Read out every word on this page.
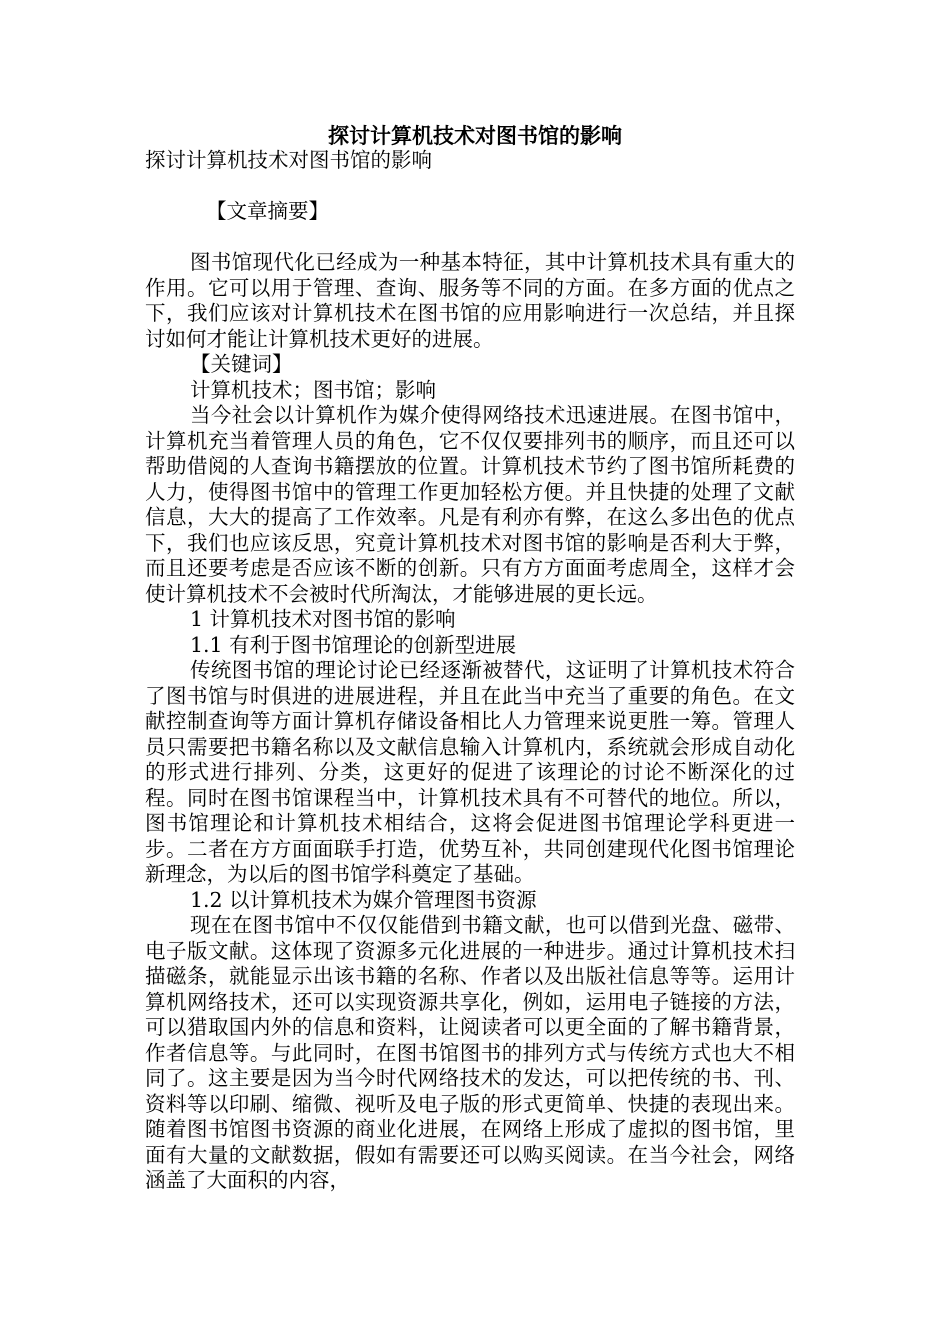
探讨计算机技术对图书馆的影响

探讨计算机技术对图书馆的影响

【文章摘要】

图书馆现代化已经成为一种基本特征，其中计算机技术具有重大的作用。它可以用于管理、查询、服务等不同的方面。在多方面的优点之下，我们应该对计算机技术在图书馆的应用影响进行一次总结，并且探讨如何才能让计算机技术更好的进展。

【关键词】

计算机技术；图书馆；影响

当今社会以计算机作为媒介使得网络技术迅速进展。在图书馆中，计算机充当着管理人员的角色，它不仅仅要排列书的顺序，而且还可以帮助借阅的人查询书籍摆放的位置。计算机技术节约了图书馆所耗费的人力，使得图书馆中的管理工作更加轻松方便。并且快捷的处理了文献信息，大大的提高了工作效率。凡是有利亦有弊，在这么多出色的优点下，我们也应该反思，究竟计算机技术对图书馆的影响是否利大于弊，而且还要考虑是否应该不断的创新。只有方方面面考虑周全，这样才会使计算机技术不会被时代所淘汰，才能够进展的更长远。

1 计算机技术对图书馆的影响

1.1 有利于图书馆理论的创新型进展

传统图书馆的理论讨论已经逐渐被替代，这证明了计算机技术符合了图书馆与时俱进的进展进程，并且在此当中充当了重要的角色。在文献控制查询等方面计算机存储设备相比人力管理来说更胜一筹。管理人员只需要把书籍名称以及文献信息输入计算机内，系统就会形成自动化的形式进行排列、分类，这更好的促进了该理论的讨论不断深化的过程。同时在图书馆课程当中，计算机技术具有不可替代的地位。所以，图书馆理论和计算机技术相结合，这将会促进图书馆理论学科更进一步。二者在方方面面联手打造，优势互补，共同创建现代化图书馆理论新理念，为以后的图书馆学科奠定了基础。

1.2 以计算机技术为媒介管理图书资源

现在在图书馆中不仅仅能借到书籍文献，也可以借到光盘、磁带、电子版文献。这体现了资源多元化进展的一种进步。通过计算机技术扫描磁条，就能显示出该书籍的名称、作者以及出版社信息等等。运用计算机网络技术，还可以实现资源共享化，例如，运用电子链接的方法，可以猎取国内外的信息和资料，让阅读者可以更全面的了解书籍背景，作者信息等。与此同时，在图书馆图书的排列方式与传统方式也大不相同了。这主要是因为当今时代网络技术的发达，可以把传统的书、刊、资料等以印刷、缩微、视听及电子版的形式更简单、快捷的表现出来。随着图书馆图书资源的商业化进展，在网络上形成了虚拟的图书馆，里面有大量的文献数据，假如有需要还可以购买阅读。在当今社会，网络涵盖了大面积的内容，
